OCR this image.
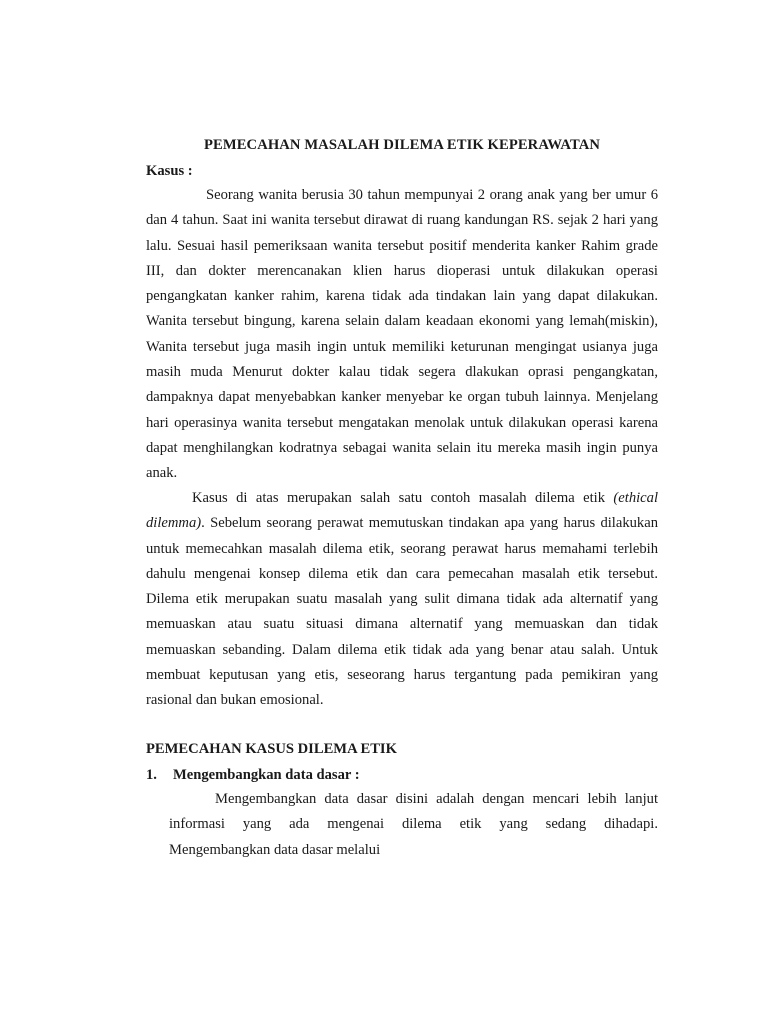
PEMECAHAN MASALAH DILEMA ETIK KEPERAWATAN
Kasus :

Seorang wanita berusia 30 tahun mempunyai 2 orang anak yang ber umur 6 dan 4 tahun. Saat ini wanita tersebut dirawat di ruang kandungan RS. sejak 2 hari yang lalu. Sesuai hasil pemeriksaan wanita tersebut positif menderita kanker Rahim grade III, dan dokter merencanakan klien harus dioperasi untuk dilakukan operasi pengangkatan kanker rahim, karena tidak ada tindakan lain yang dapat dilakukan. Wanita tersebut bingung, karena selain dalam keadaan ekonomi yang lemah(miskin), Wanita tersebut juga masih ingin untuk memiliki keturunan mengingat usianya juga masih muda Menurut dokter kalau tidak segera dlakukan oprasi pengangkatan, dampaknya dapat menyebabkan kanker menyebar ke organ tubuh lainnya. Menjelang hari operasinya wanita tersebut mengatakan menolak untuk dilakukan operasi karena dapat menghilangkan kodratnya sebagai wanita selain itu mereka masih ingin punya anak.

Kasus di atas merupakan salah satu contoh masalah dilema etik (ethical dilemma). Sebelum seorang perawat memutuskan tindakan apa yang harus dilakukan untuk memecahkan masalah dilema etik, seorang perawat harus memahami terlebih dahulu mengenai konsep dilema etik dan cara pemecahan masalah etik tersebut. Dilema etik merupakan suatu masalah yang sulit dimana tidak ada alternatif yang memuaskan atau suatu situasi dimana alternatif yang memuaskan dan tidak memuaskan sebanding. Dalam dilema etik tidak ada yang benar atau salah. Untuk membuat keputusan yang etis, seseorang harus tergantung pada pemikiran yang rasional dan bukan emosional.

PEMECAHAN KASUS DILEMA ETIK
1. Mengembangkan data dasar :

Mengembangkan data dasar disini adalah dengan mencari lebih lanjut informasi yang ada mengenai dilema etik yang sedang dihadapi.

Mengembangkan data dasar melalui
